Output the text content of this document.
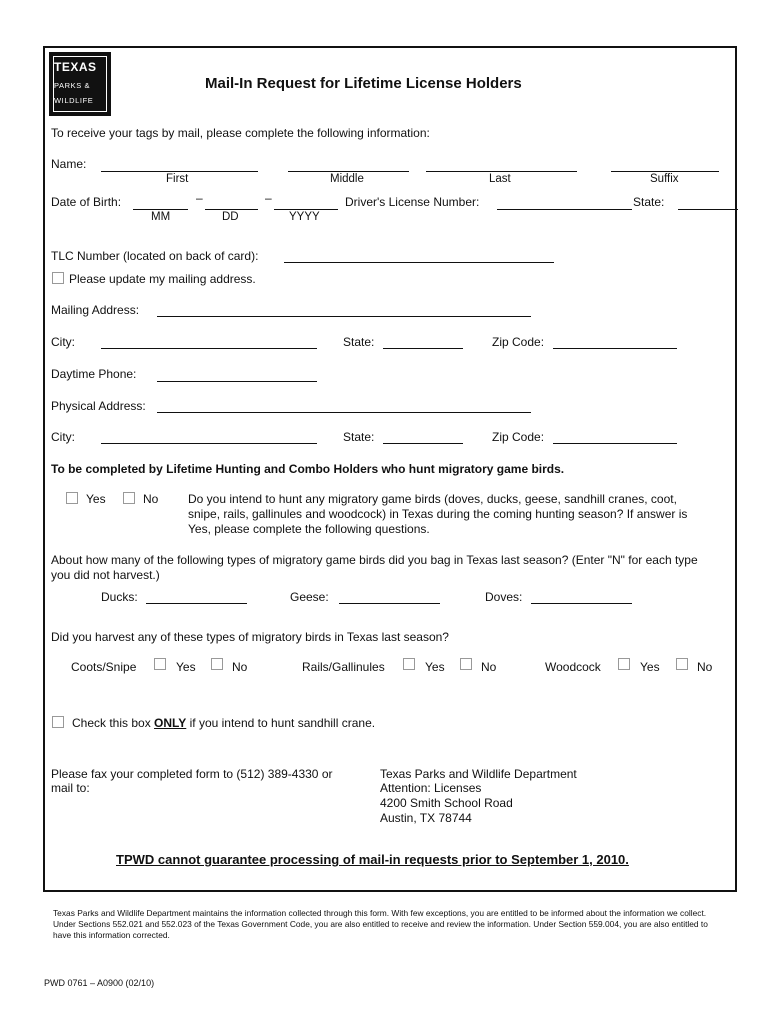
TEXAS
PARKS &
WILDLIFE
Mail-In Request for Lifetime License Holders
To receive your tags by mail, please complete the following information:
Name:
First	Middle	Last	Suffix
Date of Birth:	–	–
MM	DD	YYYY
Driver's License Number:	State:
TLC Number (located on back of card):
Please update my mailing address.
Mailing Address:
City:	State:	Zip Code:
Daytime Phone:
Physical Address:
City:	State:	Zip Code:
To be completed by Lifetime Hunting and Combo Holders who hunt migratory game birds.
Yes	No Do you intend to hunt any migratory game birds (doves, ducks, geese, sandhill cranes, coot,
snipe, rails, gallinules and woodcock) in Texas during the coming hunting season? If answer is
Yes, please complete the following questions.
About how many of the following types of migratory game birds did you bag in Texas last season? (Enter "N" for each type
you did not harvest.)
Ducks:	Geese:	Doves:
Did you harvest any of these types of migratory birds in Texas last season?
Coots/Snipe	Yes	No	Rails/Gallinules	Yes	No	Woodcock	Yes	No
Check this box ONLY if you intend to hunt sandhill crane.
Please fax your completed form to (512) 389-4330 or
mail to:
Texas Parks and Wildlife Department
Attention: Licenses
4200 Smith School Road
Austin, TX 78744
TPWD cannot guarantee processing of mail-in requests prior to September 1, 2010.
Texas Parks and Wildlife Department maintains the information collected through this form. With few exceptions, you are entitled to be informed about the information we collect. Under Sections 552.021 and 552.023 of the Texas Government Code, you are also entitled to receive and review the information. Under Section 559.004, you are also entitled to have this information corrected.
PWD 0761 – A0900 (02/10)
